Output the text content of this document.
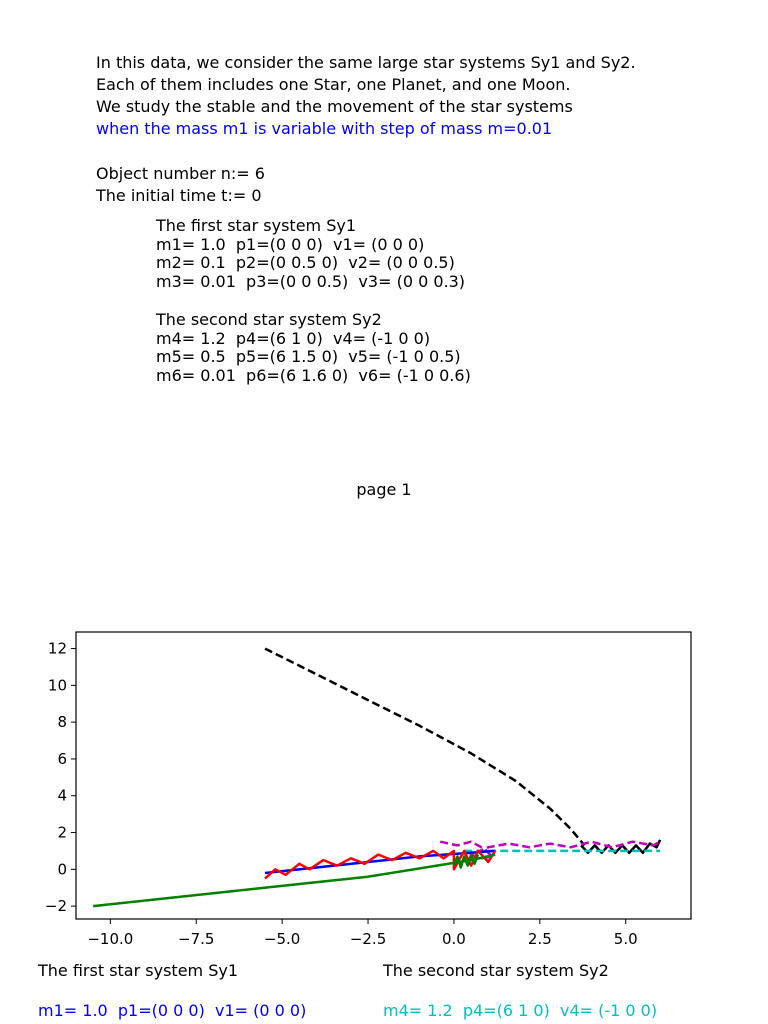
In this data, we consider the same large star systems Sy1 and Sy2.
Each of them includes one Star, one Planet, and one Moon.
We study the stable and the movement of the star systems
when the mass m1 is variable with step of mass m=0.01
Object number n:= 6
The initial time t:= 0
The first star system Sy1
m1= 1.0  p1=(0 0 0)  v1= (0 0 0)
m2= 0.1  p2=(0 0.5 0)  v2= (0 0 0.5)
m3= 0.01  p3=(0 0 0.5)  v3= (0 0 0.3)
The second star system Sy2
m4= 1.2  p4=(6 1 0)  v4= (-1 0 0)
m5= 0.5  p5=(6 1.5 0)  v5= (-1 0 0.5)
m6= 0.01  p6=(6 1.6 0)  v6= (-1 0 0.6)
page 1
−10.0	−7.5	−5.0	−2.5	0.0	2.5	5.0
−2
0
2
4
6
8
10
12
The first star system Sy1	The second star system Sy2
m1= 1.0  p1=(0 0 0)  v1= (0 0 0)	m4= 1.2  p4=(6 1 0)  v4= (-1 0 0)
